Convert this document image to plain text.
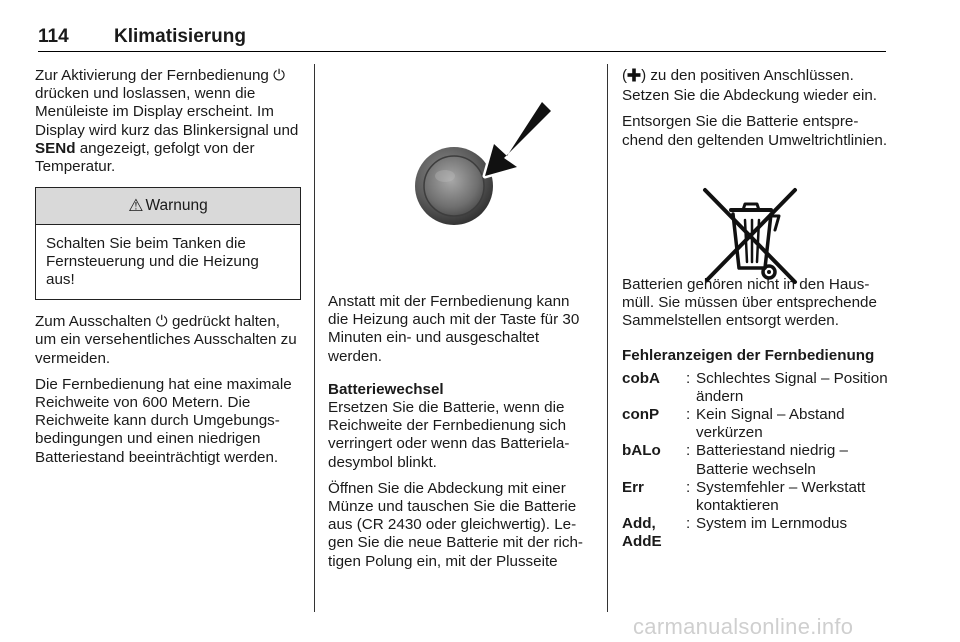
114 Klimatisierung

Zur Aktivierung der Fernbedienung ⏻ drücken und loslassen, wenn die Menüleiste im Display erscheint. Im Display wird kurz das Blinkersignal und SENd angezeigt, gefolgt von der Temperatur.

⚠ Warnung
Schalten Sie beim Tanken die Fernsteuerung und die Heizung aus!

Zum Ausschalten ⏻ gedrückt halten, um ein versehentliches Ausschalten zu vermeiden.

Die Fernbedienung hat eine maximale Reichweite von 600 Metern. Die Reichweite kann durch Umgebungsbedingungen und einen niedrigen Batteriestand beeinträchtigt werden.

Anstatt mit der Fernbedienung kann die Heizung auch mit der Taste für 30 Minuten ein- und ausgeschaltet werden.

Batteriewechsel

Ersetzen Sie die Batterie, wenn die Reichweite der Fernbedienung sich verringert oder wenn das Batterieladesymbol blinkt.

Öffnen Sie die Abdeckung mit einer Münze und tauschen Sie die Batterie aus (CR 2430 oder gleichwertig). Legen Sie die neue Batterie mit der richtigen Polung ein, mit der Plusseite

( ) zu den positiven Anschlüssen. Setzen Sie die Abdeckung wieder ein.

Entsorgen Sie die Batterie entsprechend den geltenden Umweltrichtlinien.

Batterien gehören nicht in den Hausmüll. Sie müssen über entsprechende Sammelstellen entsorgt werden.

Fehleranzeigen der Fernbedienung
cobA	: Schlechtes Signal – Position ändern
conP	: Kein Signal – Abstand verkürzen
bALo	: Batteriestand niedrig – Batterie wechseln
Err	: Systemfehler – Werkstatt kontaktieren
Add, AddE
: System im Lernmodus
carmanualsonline.info
